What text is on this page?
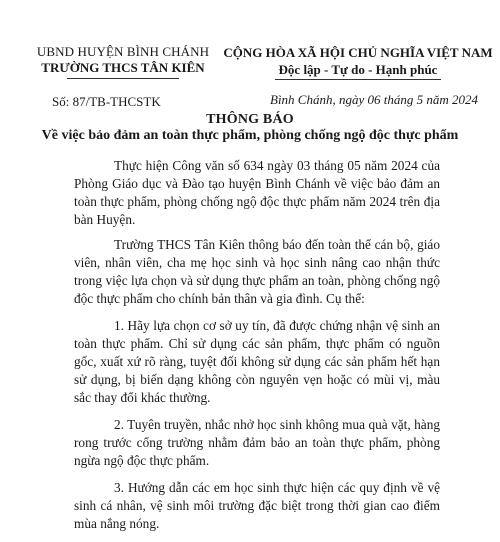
UBND HUYỆN BÌNH CHÁNH
TRƯỜNG THCS TÂN KIÊN
CỘNG HÒA XÃ HỘI CHỦ NGHĨA VIỆT NAM
Độc lập - Tự do - Hạnh phúc
Số: 87/TB-THCSTK	Bình Chánh, ngày 06 tháng 5 năm 2024
THÔNG BÁO
Về việc bảo đảm an toàn thực phẩm, phòng chống ngộ độc thực phẩm

Thực hiện Công văn số 634 ngày 03 tháng 05 năm 2024 của Phòng Giáo dục và Đào tạo huyện Bình Chánh về việc bảo đảm an toàn thực phẩm, phòng chống ngộ độc thực phẩm năm 2024 trên địa bàn Huyện.

Trường THCS Tân Kiên thông báo đến toàn thể cán bộ, giáo viên, nhân viên, cha mẹ học sinh và học sinh nâng cao nhận thức trong việc lựa chọn và sử dụng thực phẩm an toàn, phòng chống ngộ độc thực phẩm cho chính bản thân và gia đình. Cụ thể:

1. Hãy lựa chọn cơ sở uy tín, đã được chứng nhận vệ sinh an toàn thực phẩm. Chỉ sử dụng các sản phẩm, thực phẩm có nguồn gốc, xuất xứ rõ ràng, tuyệt đối không sử dụng các sản phẩm hết hạn sử dụng, bị biến dạng không còn nguyên vẹn hoặc có mùi vị, màu sắc thay đổi khác thường.

2. Tuyên truyền, nhắc nhở học sinh không mua quà vặt, hàng rong trước cổng trường nhằm đảm bảo an toàn thực phẩm, phòng ngừa ngộ độc thực phẩm.

3. Hướng dẫn các em học sinh thực hiện các quy định về vệ sinh cá nhân, vệ sinh môi trường đặc biệt trong thời gian cao điểm mùa nắng nóng.
